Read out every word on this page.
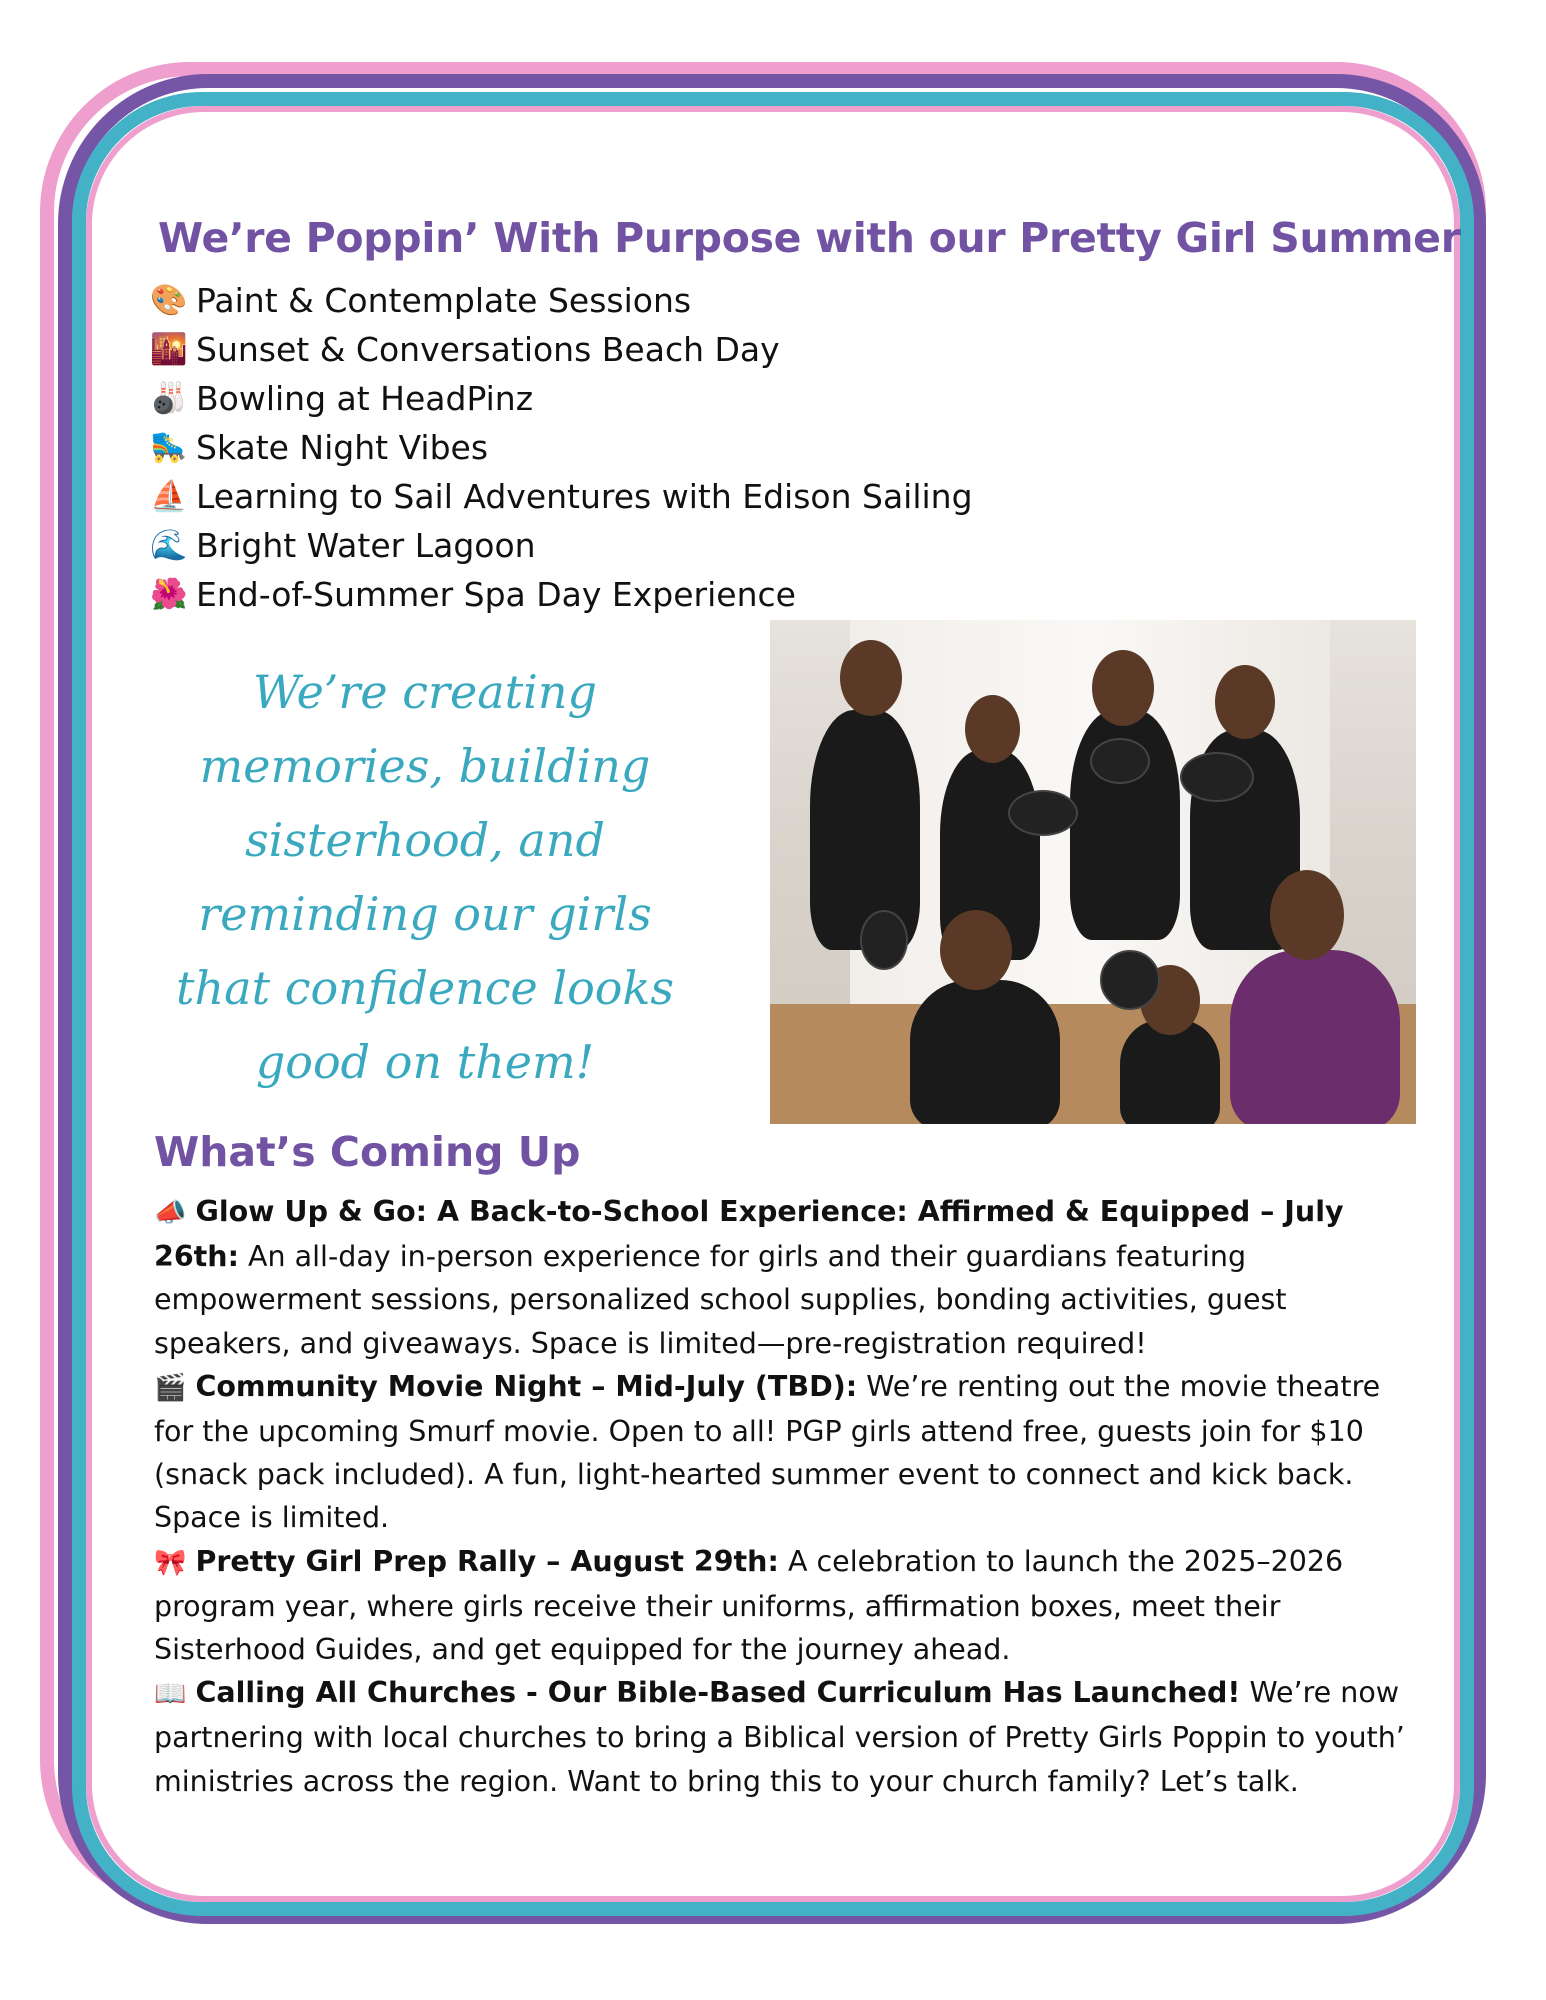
We’re Poppin’ With Purpose with our Pretty Girl Summer
🎨 Paint & Contemplate Sessions
🌇 Sunset & Conversations Beach Day
🎳 Bowling at HeadPinz
🛼 Skate Night Vibes
⛵ Learning to Sail Adventures with Edison Sailing
🌊 Bright Water Lagoon
🌺 End-of-Summer Spa Day Experience

We’re creating memories, building sisterhood, and reminding our girls that confidence looks good on them!

What’s Coming Up

📣 Glow Up & Go: A Back-to-School Experience: Affirmed & Equipped – July 26th: An all-day in-person experience for girls and their guardians featuring empowerment sessions, personalized school supplies, bonding activities, guest speakers, and giveaways. Space is limited—pre-registration required!

🎬 Community Movie Night – Mid-July (TBD): We’re renting out the movie theatre for the upcoming Smurf movie. Open to all! PGP girls attend free, guests join for $10 (snack pack included). A fun, light-hearted summer event to connect and kick back. Space is limited.

🎀 Pretty Girl Prep Rally – August 29th: A celebration to launch the 2025–2026 program year, where girls receive their uniforms, affirmation boxes, meet their Sisterhood Guides, and get equipped for the journey ahead.

📖 Calling All Churches - Our Bible-Based Curriculum Has Launched! We’re now partnering with local churches to bring a Biblical version of Pretty Girls Poppin to youth’ ministries across the region. Want to bring this to your church family? Let’s talk.
